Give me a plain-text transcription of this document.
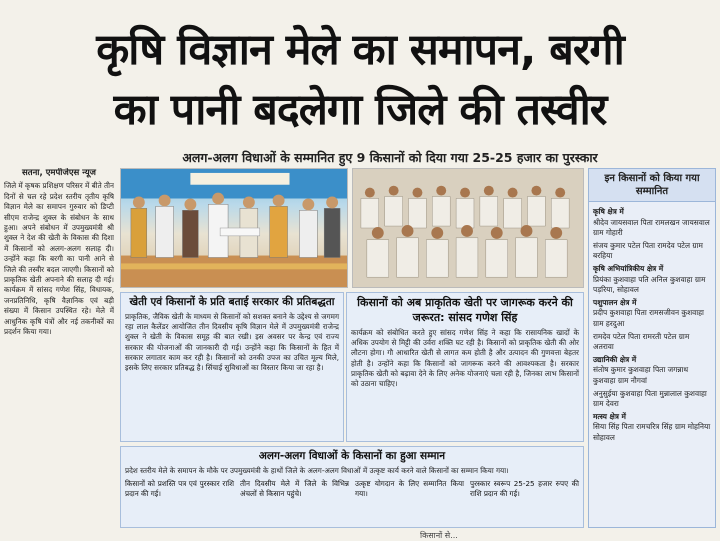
कृषि विज्ञान मेले का समापन, बरगी
का पानी बदलेगा जिले की तस्वीर
अलग-अलग विधाओं के सम्मानित हुए 9 किसानों को दिया गया 25-25 हजार का पुरस्कार
सतना, एमपीजेएस न्यूज

जिले में कृषक प्रशिक्षण परिसर में बीते तीन दिनों से चल रहे प्रदेश स्तरीय तृतीय कृषि विज्ञान मेले का समापन गुरुवार को डिप्टी सीएम राजेन्द्र शुक्ल के संबोधन के साथ हुआ। अपने संबोधन में उपमुख्यमंत्री श्री शुक्ल ने देश की खेती के विकास की दिशा में किसानों को अलग-अलग सलाह दी। उन्होंने कहा कि बरगी का पानी आने से जिले की तस्वीर बदल जाएगी। किसानों को प्राकृतिक खेती अपनाने की सलाह दी गई। कार्यक्रम में सांसद गणेश सिंह, विधायक, जनप्रतिनिधि, कृषि वैज्ञानिक एवं बड़ी संख्या में किसान उपस्थित रहे। मेले में आधुनिक कृषि यंत्रों और नई तकनीकों का प्रदर्शन किया गया।

इन किसानों को किया गया सम्मानित
कृषि क्षेत्र में
श्रीदेव जायसवाल पिता रामलखन जायसवाल ग्राम गोहारी
संजय कुमार पटेल पिता रामदेव पटेल ग्राम बरहिया
कृषि अभियांत्रिकीय क्षेत्र में
प्रियंका कुशवाहा पति अनिल कुशवाहा ग्राम पड़रिया, सोहावल
पशुपालन क्षेत्र में
प्रदीप कुशवाहा पिता रामसजीवन कुशवाहा ग्राम हरदुआ
रामदेव पटेल पिता रामरती पटेल ग्राम अतरावा
उद्यानिकी क्षेत्र में
संतोष कुमार कुशवाहा पिता जगन्नाथ कुशवाहा ग्राम नौगवां
अनुसुईया कुशवाहा पिता मुन्नालाल कुशवाहा ग्राम देवरा
मत्स्य क्षेत्र में
सिया सिंह पिता रामचरित्र सिंह ग्राम मोहनिया सोहावल
खेती एवं किसानों के प्रति बताई सरकार की प्रतिबद्धता
प्राकृतिक, जैविक खेती के माध्यम से किसानों को सशक्त बनाने के उद्देश्य से जगमग रहा लाल कैलेंडर आयोजित तीन दिवसीय कृषि विज्ञान मेले में उपमुख्यमंत्री राजेन्द्र शुक्ल ने खेती के विकास समूह की बात रखी। इस अवसर पर केन्द्र एवं राज्य सरकार की योजनाओं की जानकारी दी गई। उन्होंने कहा कि किसानों के हित में सरकार लगातार काम कर रही है। किसानों को उनकी उपज का उचित मूल्य मिले, इसके लिए सरकार प्रतिबद्ध है। सिंचाई सुविधाओं का विस्तार किया जा रहा है।
किसानों को अब प्राकृतिक खेती पर जागरूक करने की जरूरत: सांसद गणेश सिंह
कार्यक्रम को संबोधित करते हुए सांसद गणेश सिंह ने कहा कि रासायनिक खादों के अधिक उपयोग से मिट्टी की उर्वरा शक्ति घट रही है। किसानों को प्राकृतिक खेती की ओर लौटना होगा। गौ आधारित खेती से लागत कम होती है और उत्पादन की गुणवत्ता बेहतर होती है। उन्होंने कहा कि किसानों को जागरूक करने की आवश्यकता है। सरकार प्राकृतिक खेती को बढ़ावा देने के लिए अनेक योजनाएं चला रही है, जिनका लाभ किसानों को उठाना चाहिए।
अलग-अलग विधाओं के किसानों का हुआ सम्मान
प्रदेश स्तरीय मेले के समापन के मौके पर उपमुख्यमंत्री के हाथों जिले के अलग-अलग विधाओं में उत्कृष्ट कार्य करने वाले किसानों का सम्मान किया गया।
किसानों को प्रशस्ति पत्र एवं पुरस्कार राशि प्रदान की गई।
तीन दिवसीय मेले में जिले के विभिन्न अंचलों से किसान पहुंचे।
उत्कृष्ट योगदान के लिए सम्मानित किया गया।
पुरस्कार स्वरूप 25-25 हजार रुपए की राशि प्रदान की गई।
किसानों से...
